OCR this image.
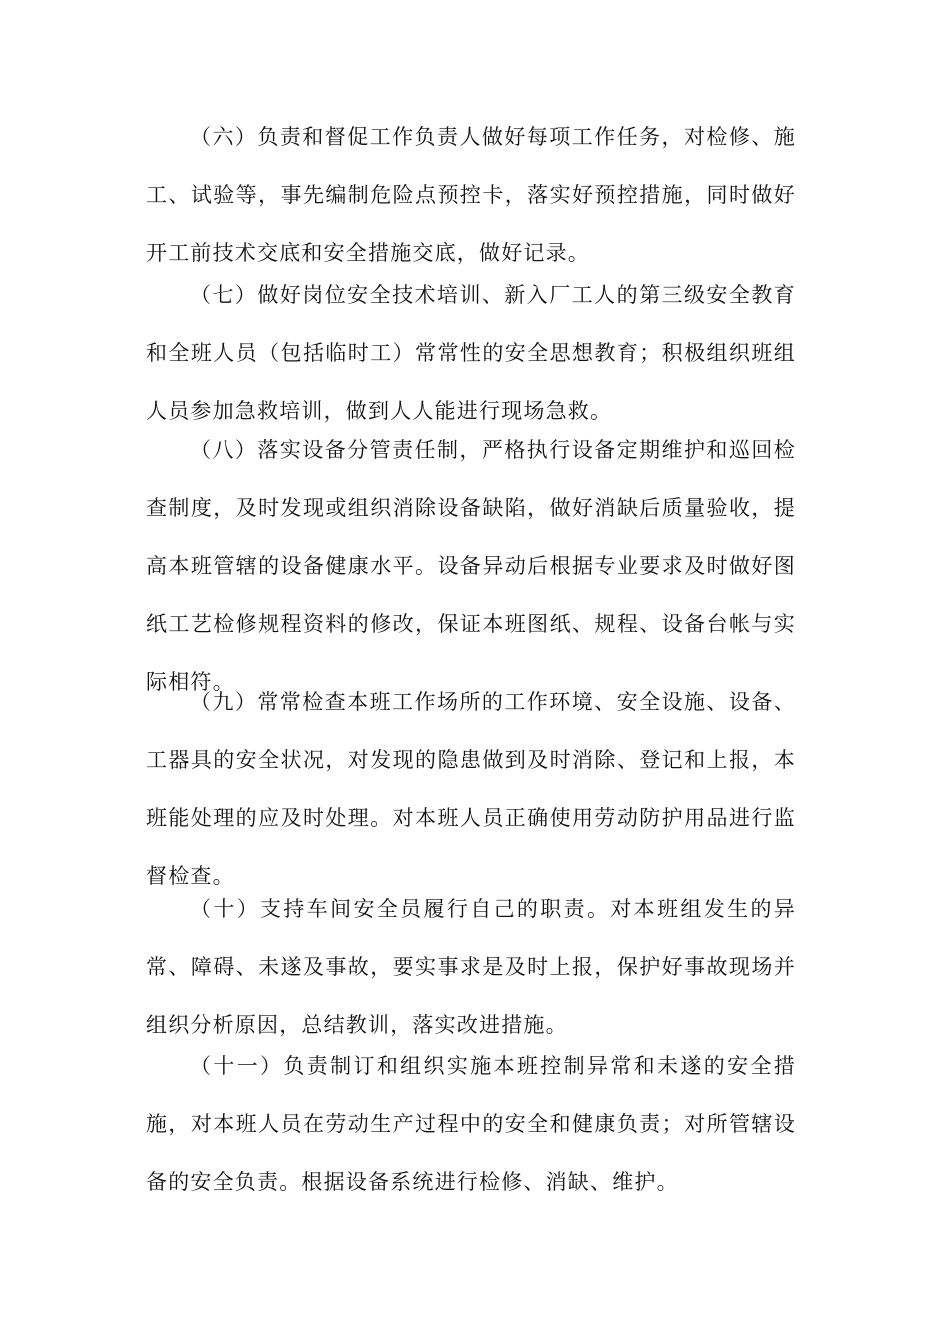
（六）负责和督促工作负责人做好每项工作任务，对检修、施工、试验等，事先编制危险点预控卡，落实好预控措施，同时做好开工前技术交底和安全措施交底，做好记录。

（七）做好岗位安全技术培训、新入厂工人的第三级安全教育和全班人员（包括临时工）常常性的安全思想教育；积极组织班组人员参加急救培训，做到人人能进行现场急救。

（八）落实设备分管责任制，严格执行设备定期维护和巡回检查制度，及时发现或组织消除设备缺陷，做好消缺后质量验收，提高本班管辖的设备健康水平。设备异动后根据专业要求及时做好图纸工艺检修规程资料的修改，保证本班图纸、规程、设备台帐与实际相符。

（九）常常检查本班工作场所的工作环境、安全设施、设备、工器具的安全状况，对发现的隐患做到及时消除、登记和上报，本班能处理的应及时处理。对本班人员正确使用劳动防护用品进行监督检查。

（十）支持车间安全员履行自己的职责。对本班组发生的异常、障碍、未遂及事故，要实事求是及时上报，保护好事故现场并组织分析原因，总结教训，落实改进措施。

（十一）负责制订和组织实施本班控制异常和未遂的安全措施，对本班人员在劳动生产过程中的安全和健康负责；对所管辖设备的安全负责。根据设备系统进行检修、消缺、维护。
